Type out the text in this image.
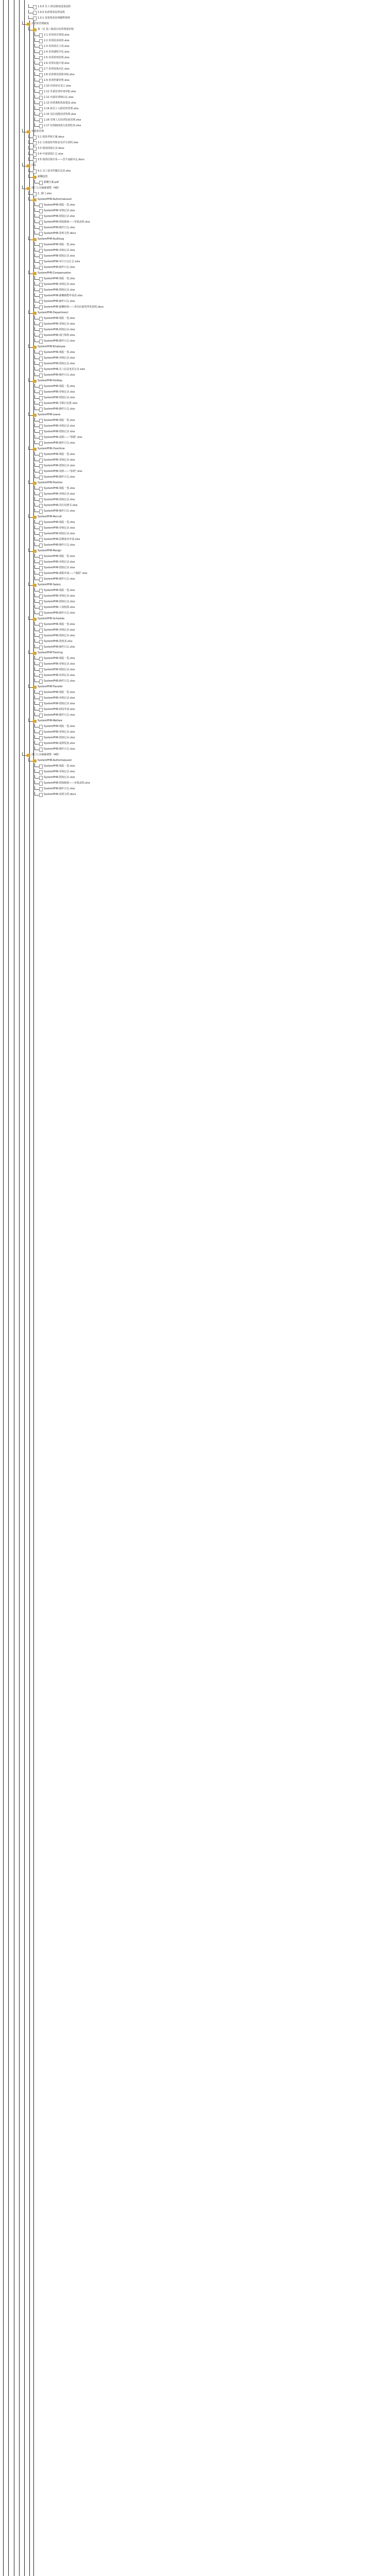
1.0.0 员工身份/制度设置流程
1.0.0 标准条款设置流程
1.0.1 设置条款说明解释规则
2 培训管理制度
第一层 第三级项目培训规划审核
2.1 培训项目规划.xlsx
2.2 培训需求调查.xlsx
2.3 培训项目立项.xlsx
2.4 培训课程开发.xlsx
2.5 培训讲师管理.xlsx
2.6 培训实施计划.xlsx
2.7 培训效果评估.xlsx
2.8 培训费用预算审核.xlsx
2.9 培训档案管理.xlsx
2.10 培训协议签订.xlsx
2.11 外派培训申请审批.xlsx
2.12 内部培训师认证.xlsx
2.13 培训课程体系建设.xlsx
2.14 新员工入职培训管理.xlsx
2.15 岗位技能培训管理.xlsx
2.16 管理人员培训发展管理.xlsx
2.17 培训制度执行监督检查.xlsx
3 绩效管理
3.1 绩效考核方案.docx
3.2 月度绩效考核表及评分说明.xlsx
3.3 绩效面谈记录.docx
3.4 年度绩效汇总.xlsx
3.5 绩效结果应用——晋升加薪评定.docx
岗位
4.1 员工基本档案信息表.xlsx
薪酬设置
薪酬方案.pdf
部门人员编制调整（4级）
1. 部门.xlsx
SystemPHR-AuthoriseLevel
SystemPHR-填报一览.xlsx
SystemPHR-审核记录.xlsx
SystemPHR-授权记录.xlsx
SystemPHR-授权级别——审批流程.xlsx
SystemPHR-操作日志.xlsx
SystemPHR-说明文档.docx
SystemPHR-AuditLog
SystemPHR-填报一览.xlsx
SystemPHR-审核记录.xlsx
SystemPHR-授权记录.xlsx
SystemPHR-审计日志汇总.xlsx
SystemPHR-操作日志.xlsx
SystemPHR-Compensation
SystemPHR-填报一览.xlsx
SystemPHR-审核记录.xlsx
SystemPHR-授权记录.xlsx
SystemPHR-薪酬调整申请表.xlsx
SystemPHR-操作日志.xlsx
SystemPHR-薪酬结构——各岗位薪资带宽说明.docx
SystemPHR-Department
SystemPHR-填报一览.xlsx
SystemPHR-审核记录.xlsx
SystemPHR-授权记录.xlsx
SystemPHR-部门架构.xlsx
SystemPHR-操作日志.xlsx
SystemPHR-Employee
SystemPHR-填报一览.xlsx
SystemPHR-审核记录.xlsx
SystemPHR-授权记录.xlsx
SystemPHR-员工信息变更记录.xlsx
SystemPHR-操作日志.xlsx
SystemPHR-Holiday
SystemPHR-填报一览.xlsx
SystemPHR-审核记录.xlsx
SystemPHR-授权记录.xlsx
SystemPHR-节假日安排.xlsx
SystemPHR-操作日志.xlsx
SystemPHR-Leave
SystemPHR-填报一览.xlsx
SystemPHR-审核记录.xlsx
SystemPHR-授权记录.xlsx
SystemPHR-请假——"事假".xlsx
SystemPHR-操作日志.xlsx
SystemPHR-Overtime
SystemPHR-填报一览.xlsx
SystemPHR-审核记录.xlsx
SystemPHR-授权记录.xlsx
SystemPHR-加班——"加班".xlsx
SystemPHR-操作日志.xlsx
SystemPHR-Position
SystemPHR-填报一览.xlsx
SystemPHR-审核记录.xlsx
SystemPHR-授权记录.xlsx
SystemPHR-岗位说明书.xlsx
SystemPHR-操作日志.xlsx
SystemPHR-Recruit
SystemPHR-填报一览.xlsx
SystemPHR-审核记录.xlsx
SystemPHR-授权记录.xlsx
SystemPHR-招聘需求申请.xlsx
SystemPHR-操作日志.xlsx
SystemPHR-Resign
SystemPHR-填报一览.xlsx
SystemPHR-审核记录.xlsx
SystemPHR-授权记录.xlsx
SystemPHR-离职申请——"离职".xlsx
SystemPHR-操作日志.xlsx
SystemPHR-Salary
SystemPHR-填报一览.xlsx
SystemPHR-审核记录.xlsx
SystemPHR-授权记录.xlsx
SystemPHR-工资核算.xlsx
SystemPHR-操作日志.xlsx
SystemPHR-Schedule
SystemPHR-填报一览.xlsx
SystemPHR-审核记录.xlsx
SystemPHR-授权记录.xlsx
SystemPHR-排班表.xlsx
SystemPHR-操作日志.xlsx
SystemPHR-Training
SystemPHR-填报一览.xlsx
SystemPHR-审核记录.xlsx
SystemPHR-授权记录.xlsx
SystemPHR-培训记录.xlsx
SystemPHR-操作日志.xlsx
SystemPHR-Transfer
SystemPHR-填报一览.xlsx
SystemPHR-审核记录.xlsx
SystemPHR-授权记录.xlsx
SystemPHR-调岗申请.xlsx
SystemPHR-操作日志.xlsx
SystemPHR-Welfare
SystemPHR-填报一览.xlsx
SystemPHR-审核记录.xlsx
SystemPHR-授权记录.xlsx
SystemPHR-福利发放.xlsx
SystemPHR-操作日志.xlsx
部门人员编制调整（4级）
SystemPHR-AuthoriseLevel
SystemPHR-填报一览.xlsx
SystemPHR-审核记录.xlsx
SystemPHR-授权记录.xlsx
SystemPHR-授权级别——审批流程.xlsx
SystemPHR-操作日志.xlsx
SystemPHR-说明文档.docx
